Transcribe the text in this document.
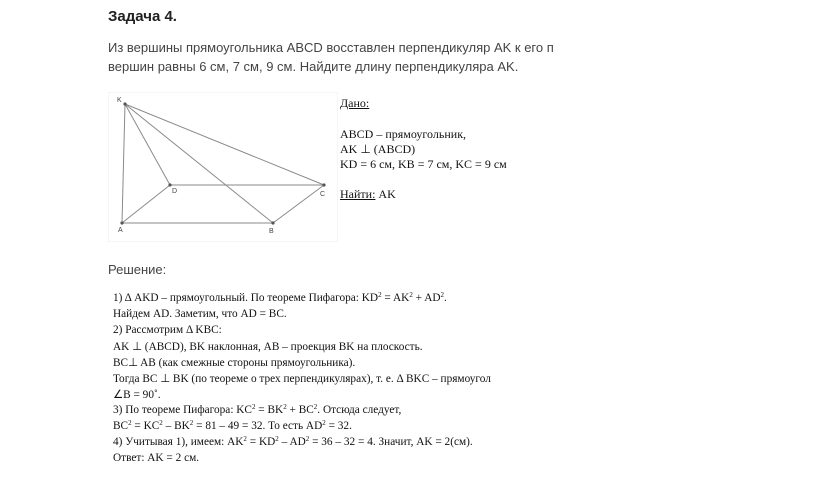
Задача 4.
Из вершины прямоугольника ABCD восставлен перпендикуляр AK к его п
вершин равны 6 см, 7 см, 9 см. Найдите длину перпендикуляра AK.
K
D	C
A	B
Дано:
ABCD – прямоугольник,
AK ⊥ (ABCD)
KD = 6 см, KB = 7 см, KC = 9 см
Найти: AK
Решение:
1) Δ AKD – прямоугольный. По теореме Пифагора: $KD^2 = AK^2 + AD^2$.
Найдем AD. Заметим, что AD = BC.
2) Рассмотрим Δ KBC:
AK ⊥ (ABCD), BK наклонная, AB – проекция BK на плоскость.
BC⊥ AB (как смежные стороны прямоугольника).
Тогда BC ⊥ BK (по теореме о трех перпендикулярах), т. е. Δ BKC – прямоугол
∠B = 90˚.
3) По теореме Пифагора: $KC^2 = BK^2 + BC^2$. Отсюда следует,
$BC^2 = KC^2 - BK^2 = 81 - 49 = 32$. То есть $AD^2 = 32$.
4) Учитывая 1), имеем: $AK^2 = KD^2 - AD^2 = 36 - 32 = 4$. Значит, AK = 2(см).
Ответ: AK = 2 см.
